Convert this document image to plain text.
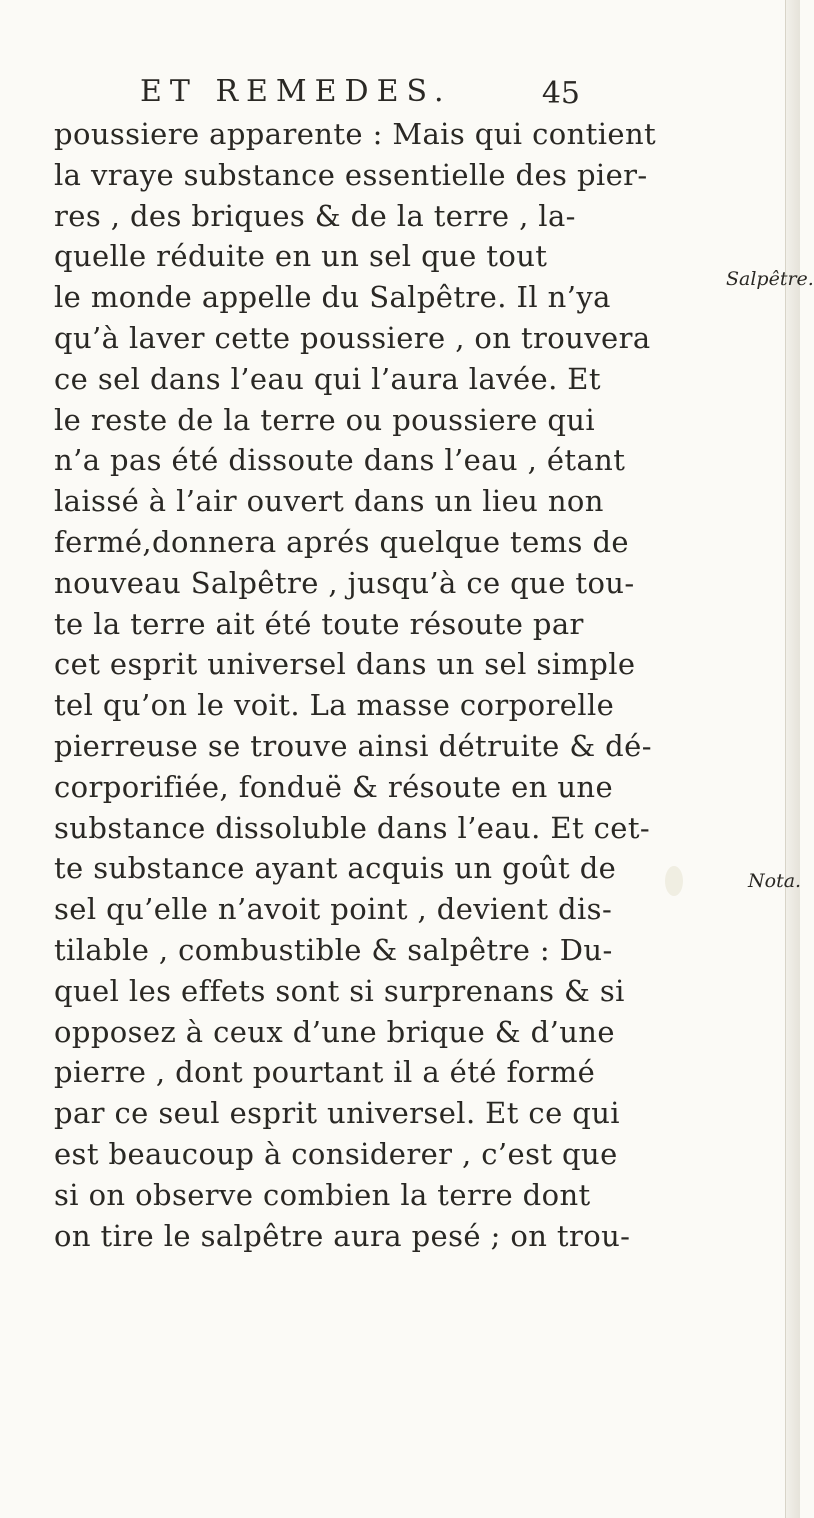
ET REMEDES.	45
poussiere apparente : Mais qui contient
la vraye substance essentielle des pier-
res , des briques & de la terre , la-
quelle réduite en un sel que tout
le monde appelle du Salpêtre. Il n’ya
qu’à laver cette poussiere , on trouvera
ce sel dans l’eau qui l’aura lavée. Et
le reste de la terre ou poussiere qui
n’a pas été dissoute dans l’eau , étant
laissé à l’air ouvert dans un lieu non
fermé,donnera aprés quelque tems de
nouveau Salpêtre , jusqu’à ce que tou-
te la terre ait été toute résoute par
cet esprit universel dans un sel simple
tel qu’on le voit. La masse corporelle
pierreuse se trouve ainsi détruite & dé-
corporifiée, fonduë & résoute en une
substance dissoluble dans l’eau. Et cet-
te substance ayant acquis un goût de
sel qu’elle n’avoit point , devient dis-
tilable , combustible & salpêtre : Du-
quel les effets sont si surprenans & si
opposez à ceux d’une brique & d’une
pierre , dont pourtant il a été formé
par ce seul esprit universel. Et ce qui
est beaucoup à considerer , c’est que
si on observe combien la terre dont
on tire le salpêtre aura pesé ; on trou-
Salpêtre.
Nota.
